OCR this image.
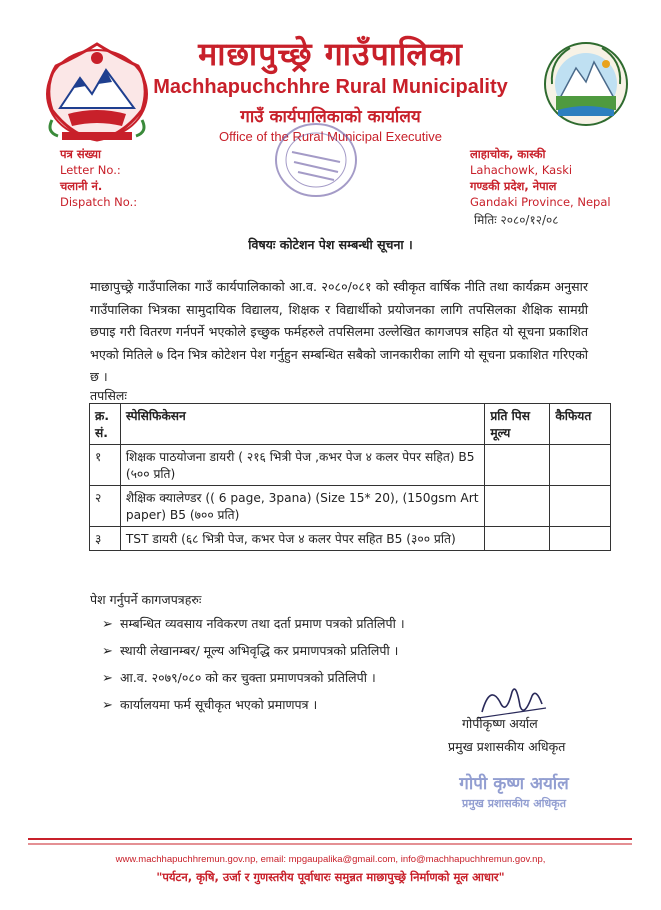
माछापुच्छ्रे गाउँपालिका
Machhapuchchhre Rural Municipality
गाउँ कार्यपालिकाको कार्यालय
Office of the Rural Municipal Executive
पत्र संख्या
Letter No.:
चलानी नं.
Dispatch No.:
लाहाचोक, कास्की
Lahachowk, Kaski
गण्डकी प्रदेश, नेपाल
Gandaki Province, Nepal
मितिः २०८०/१२/०८
विषयः कोटेशन पेश सम्बन्धी सूचना ।
माछापुच्छ्रे गाउँपालिका गाउँ कार्यपालिकाको आ.व. २०८०/०८१ को स्वीकृत वार्षिक नीति तथा कार्यक्रम अनुसार गाउँपालिका भित्रका सामुदायिक विद्यालय, शिक्षक र विद्यार्थीको प्रयोजनका लागि तपसिलका शैक्षिक सामग्री छपाइ गरी वितरण गर्नपर्ने भएकोले इच्छुक फर्महरुले तपसिलमा उल्लेखित कागजपत्र सहित यो सूचना प्रकाशित भएको मितिले ७ दिन भित्र कोटेशन पेश गर्नुहुन सम्बन्धित सबैको जानकारीका लागि यो सूचना प्रकाशित गरिएको छ ।
तपसिलः
क्र. सं.	स्पेसिफिकेसन	प्रति पिस मूल्य	कैफियत
१	शिक्षक पाठयोजना डायरी ( २१६ भित्री पेज ,कभर पेज ४ कलर पेपर सहित) B5 (५०० प्रति)		
२	शैक्षिक क्यालेण्डर (( 6 page, 3pana) (Size 15* 20), (150gsm Art paper) B5 (७०० प्रति)		
३	TST डायरी (६८ भित्री पेज, कभर पेज ४ कलर पेपर सहित B5 (३०० प्रति)		
पेश गर्नुपर्ने कागजपत्रहरुः
➢ सम्बन्धित व्यवसाय नविकरण तथा दर्ता प्रमाण पत्रको प्रतिलिपी ।
➢ स्थायी लेखानम्बर/ मूल्य अभिवृद्धि कर प्रमाणपत्रको प्रतिलिपी ।
➢ आ.व. २०७९/०८० को कर चुक्ता प्रमाणपत्रको प्रतिलिपी ।
➢ कार्यालयमा फर्म सूचीकृत भएको प्रमाणपत्र ।
गोपीकृष्ण अर्याल
प्रमुख प्रशासकीय अधिकृत
गोपी कृष्ण अर्याल
प्रमुख प्रशासकीय अधिकृत
www.machhapuchhremun.gov.np, email: mpgaupalika@gmail.com, info@machhapuchhremun.gov.np,
"पर्यटन, कृषि, उर्जा र गुणस्तरीय पूर्वाधारः समुन्नत माछापुच्छ्रे निर्माणको मूल आधार"
